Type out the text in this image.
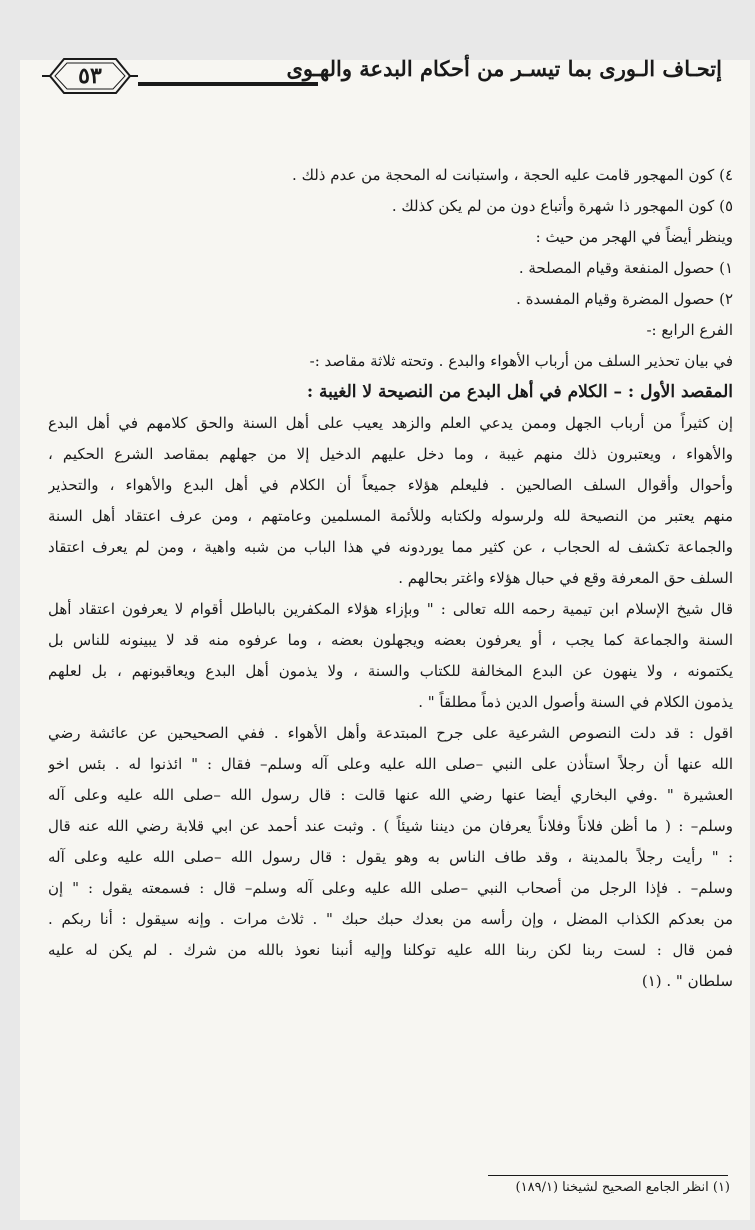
٥٣	إتحـاف الـورى بما تيسـر من أحكام البدعة والهـوى
٤) كون المهجور قامت عليه الحجة ، واستبانت له المحجة من عدم ذلك .
٥) كون المهجور ذا شهرة وأتباع دون من لم يكن كذلك .
وينظر أيضاً في الهجر من حيث :
١) حصول المنفعة وقيام المصلحة .
٢) حصول المضرة وقيام المفسدة .
الفرع الرابع :-
في بيان تحذير السلف من أرباب الأهواء والبدع . وتحته ثلاثة مقاصد :-
المقصد الأول : – الكلام في أهل البدع من النصيحة لا الغيبة :
إن كثيراً من أرباب الجهل وممن يدعي العلم والزهد يعيب على أهل السنة والحق كلامهم في أهل البدع
والأهواء ، ويعتبرون ذلك منهم غيبة ، وما دخل عليهم الدخيل إلا من جهلهم بمقاصد الشرع الحكيم ،
وأحوال وأقوال السلف الصالحين . فليعلم هؤلاء جميعاً أن الكلام في أهل البدع والأهواء ، والتحذير
منهم يعتبر من النصيحة لله ولرسوله ولكتابه وللأئمة المسلمين وعامتهم ، ومن عرف اعتقاد أهل السنة
والجماعة تكشف له الحجاب ، عن كثير مما يوردونه في هذا الباب من شبه واهية ، ومن لم يعرف اعتقاد
السلف حق المعرفة وقع في حبال هؤلاء واغتر بحالهم .
قال شيخ الإسلام ابن تيمية رحمه الله تعالى : " وبإزاء هؤلاء المكفرين بالباطل أقوام لا يعرفون اعتقاد أهل
السنة والجماعة كما يجب ، أو يعرفون بعضه ويجهلون بعضه ، وما عرفوه منه قد لا يبينونه للناس بل
يكتمونه ، ولا ينهون عن البدع المخالفة للكتاب والسنة ، ولا يذمون أهل البدع ويعاقبونهم ، بل لعلهم
يذمون الكلام في السنة وأصول الدين ذماً مطلقاً " .
اقول : قد دلت النصوص الشرعية على جرح المبتدعة وأهل الأهواء . ففي الصحيحين عن عائشة رضي
الله عنها أن رجلاً استأذن على النبي –صلى الله عليه وعلى آله وسلم– فقال : " ائذنوا له . بئس اخو
العشيرة " .وفي البخاري أيضا عنها رضي الله عنها قالت : قال رسول الله –صلى الله عليه وعلى آله
وسلم– : ( ما أظن فلاناً وفلاناً يعرفان من ديننا شيئاً ) . وثبت عند أحمد عن ابي قلابة رضي الله عنه قال
: " رأيت رجلاً بالمدينة ، وقد طاف الناس به وهو يقول : قال رسول الله –صلى الله عليه وعلى آله
وسلم– . فإذا الرجل من أصحاب النبي –صلى الله عليه وعلى آله وسلم– قال : فسمعته يقول : " إن
من بعدكم الكذاب المضل ، وإن رأسه من بعدك حبك حبك " . ثلاث مرات . وإنه سيقول : أنا ربكم .
فمن قال : لست ربنا لكن ربنا الله عليه توكلنا وإليه أنبنا نعوذ بالله من شرك . لم يكن له عليه
سلطان " . (١)
(١) انظر الجامع الصحيح لشيخنا (١٨٩/١)
